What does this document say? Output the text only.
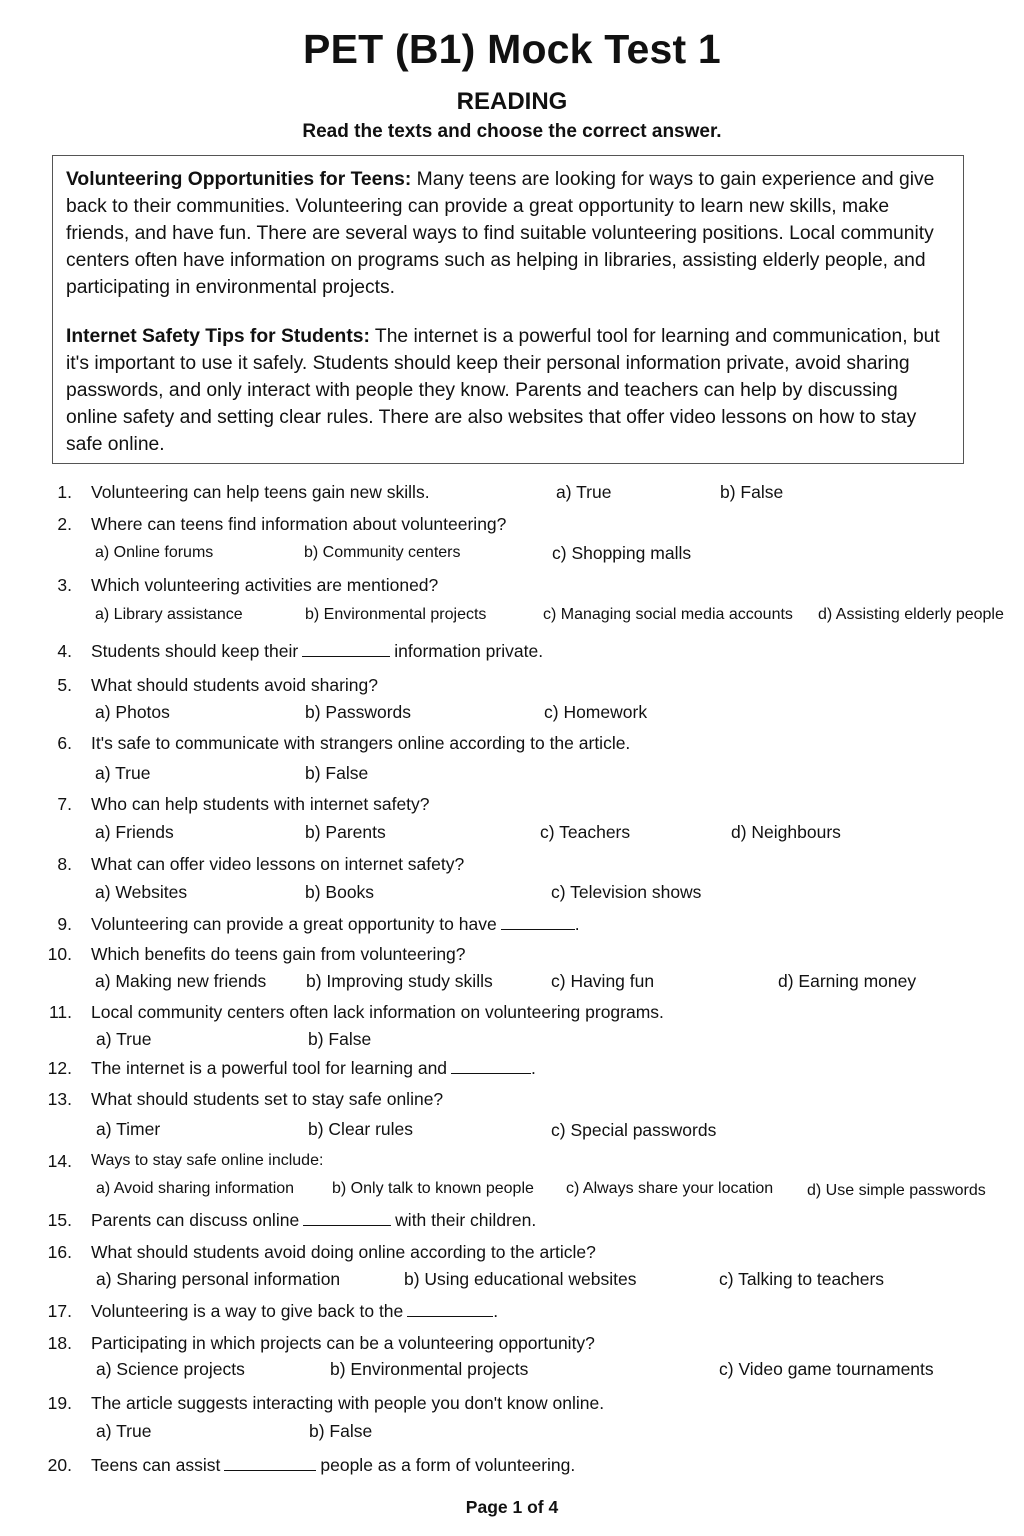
PET (B1) Mock Test 1
READING
Read the texts and choose the correct answer.

Volunteering Opportunities for Teens: Many teens are looking for ways to gain experience and give back to their communities. Volunteering can provide a great opportunity to learn new skills, make friends, and have fun. There are several ways to find suitable volunteering positions. Local community centers often have information on programs such as helping in libraries, assisting elderly people, and participating in environmental projects.

Internet Safety Tips for Students: The internet is a powerful tool for learning and communication, but it's important to use it safely. Students should keep their personal information private, avoid sharing passwords, and only interact with people they know. Parents and teachers can help by discussing online safety and setting clear rules. There are also websites that offer video lessons on how to stay safe online.

1. Volunteering can help teens gain new skills.	a) True	b) False
2. Where can teens find information about volunteering?
a) Online forums	b) Community centers	c) Shopping malls
3. Which volunteering activities are mentioned?
a) Library assistance	b) Environmental projects	c) Managing social media accounts d) Assisting elderly people
4. Students should keep their	information private.
5. What should students avoid sharing?
a) Photos	b) Passwords	c) Homework
6. It's safe to communicate with strangers online according to the article.
a) True	b) False
7. Who can help students with internet safety?
a) Friends	b) Parents	c) Teachers	d) Neighbours
8. What can offer video lessons on internet safety?
a) Websites	b) Books	c) Television shows
9. Volunteering can provide a great opportunity to have	.
10. Which benefits do teens gain from volunteering?
a) Making new friends b) Improving study skills	c) Having fun	d) Earning money
11. Local community centers often lack information on volunteering programs.
a) True	b) False
12. The internet is a powerful tool for learning and	.
13. What should students set to stay safe online?
a) Timer	b) Clear rules	c) Special passwords
14. Ways to stay safe online include:
a) Avoid sharing information b) Only talk to known people c) Always share your location d) Use simple passwords
15. Parents can discuss online	with their children.
16. What should students avoid doing online according to the article?
a) Sharing personal information	b) Using educational websites	c) Talking to teachers
17. Volunteering is a way to give back to the	.
18. Participating in which projects can be a volunteering opportunity?
a) Science projects	b) Environmental projects	c) Video game tournaments
19. The article suggests interacting with people you don't know online.
a) True	b) False
20. Teens can assist	people as a form of volunteering.
Page 1 of 4
